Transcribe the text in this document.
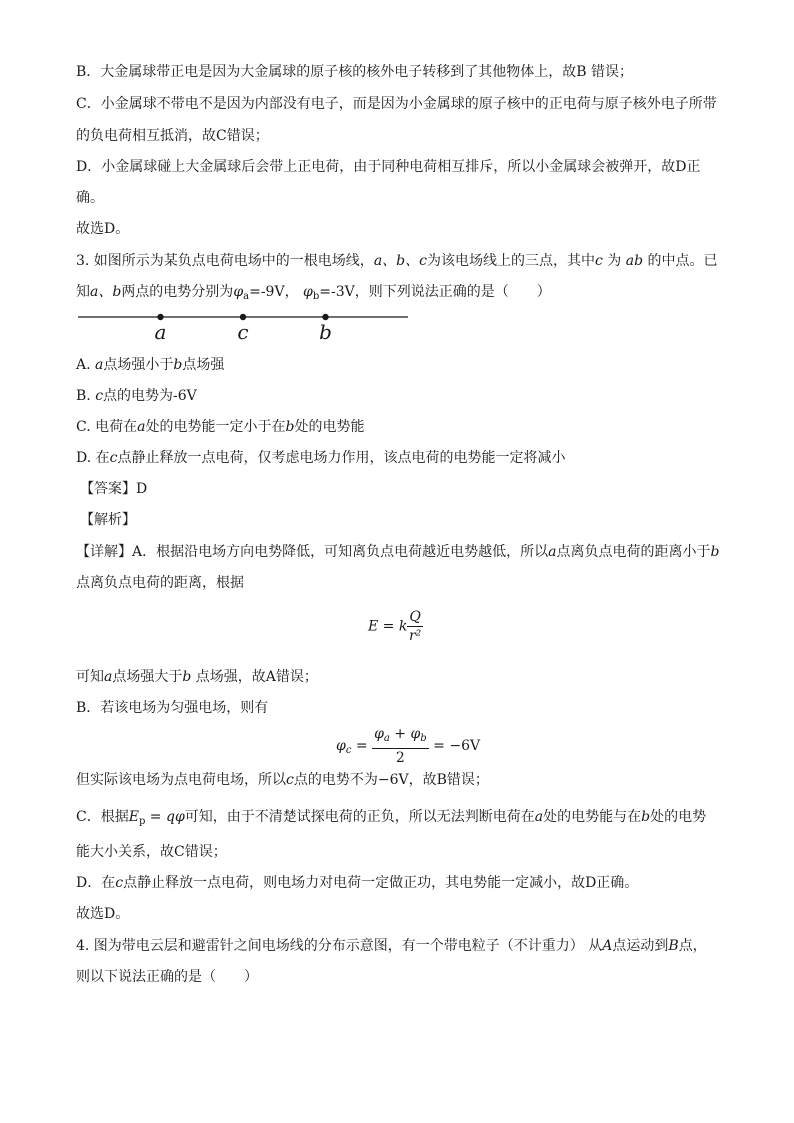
B．大金属球带正电是因为大金属球的原子核的核外电子转移到了其他物体上，故B 错误；
C．小金属球不带电不是因为内部没有电子，而是因为小金属球的原子核中的正电荷与原子核外电子所带
的负电荷相互抵消，故C错误；
D．小金属球碰上大金属球后会带上正电荷，由于同种电荷相互排斥，所以小金属球会被弹开，故D正
确。
故选D。
3. 如图所示为某负点电荷电场中的一根电场线，a、b、c为该电场线上的三点，其中c 为 ab 的中点。已
知a、b两点的电势分别为$\varphi_a=-9V$， $\varphi_b=-3V$，则下列说法正确的是（　　）
a	c	b
A. a点场强小于b点场强
B. c点的电势为-6V
C. 电荷在a处的电势能一定小于在b处的电势能
D. 在c点静止释放一点电荷，仅考虑电场力作用，该点电荷的电势能一定将减小
【答案】D
【解析】
【详解】A．根据沿电场方向电势降低，可知离负点电荷越近电势越低，所以a点离负点电荷的距离小于b
点离负点电荷的距离，根据
E = k $\frac{Q}{\text{r²}}$
可知a点场强大于b 点场强，故A错误；
B．若该电场为匀强电场，则有
$\varphi_c = \frac{\varphi_a + \varphi_b}{2} = -6V$
但实际该电场为点电荷电场，所以c点的电势不为−6V，故B错误；
C．根据$E_p = q\varphi$可知，由于不清楚试探电荷的正负，所以无法判断电荷在a处的电势能与在b处的电势
能大小关系，故C错误；
D．在c点静止释放一点电荷，则电场力对电荷一定做正功，其电势能一定减小，故D正确。
故选D。
4. 图为带电云层和避雷针之间电场线的分布示意图，有一个带电粒子（不计重力） 从A点运动到B点，
则以下说法正确的是（　　）
